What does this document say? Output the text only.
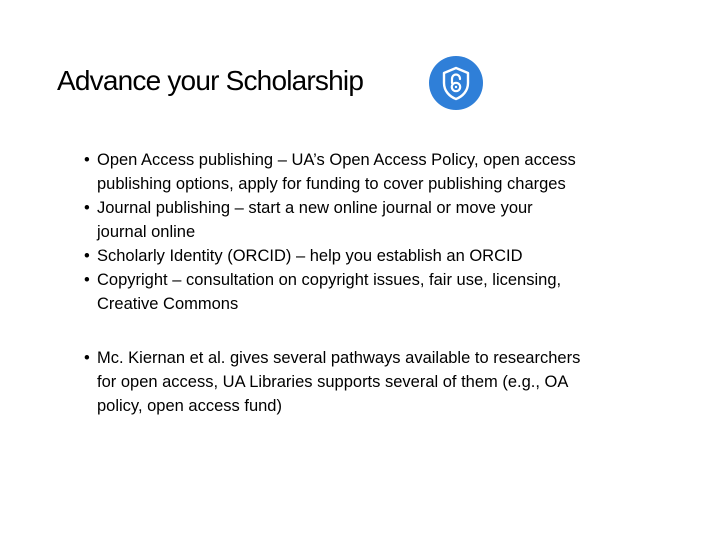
Advance your Scholarship
• Open Access publishing – UA’s Open Access Policy, open access
publishing options, apply for funding to cover publishing charges
• Journal publishing – start a new online journal or move your
journal online
• Scholarly Identity (ORCID) – help you establish an ORCID
• Copyright – consultation on copyright issues, fair use, licensing,
Creative Commons
• Mc. Kiernan et al. gives several pathways available to researchers
for open access, UA Libraries supports several of them (e.g., OA
policy, open access fund)
